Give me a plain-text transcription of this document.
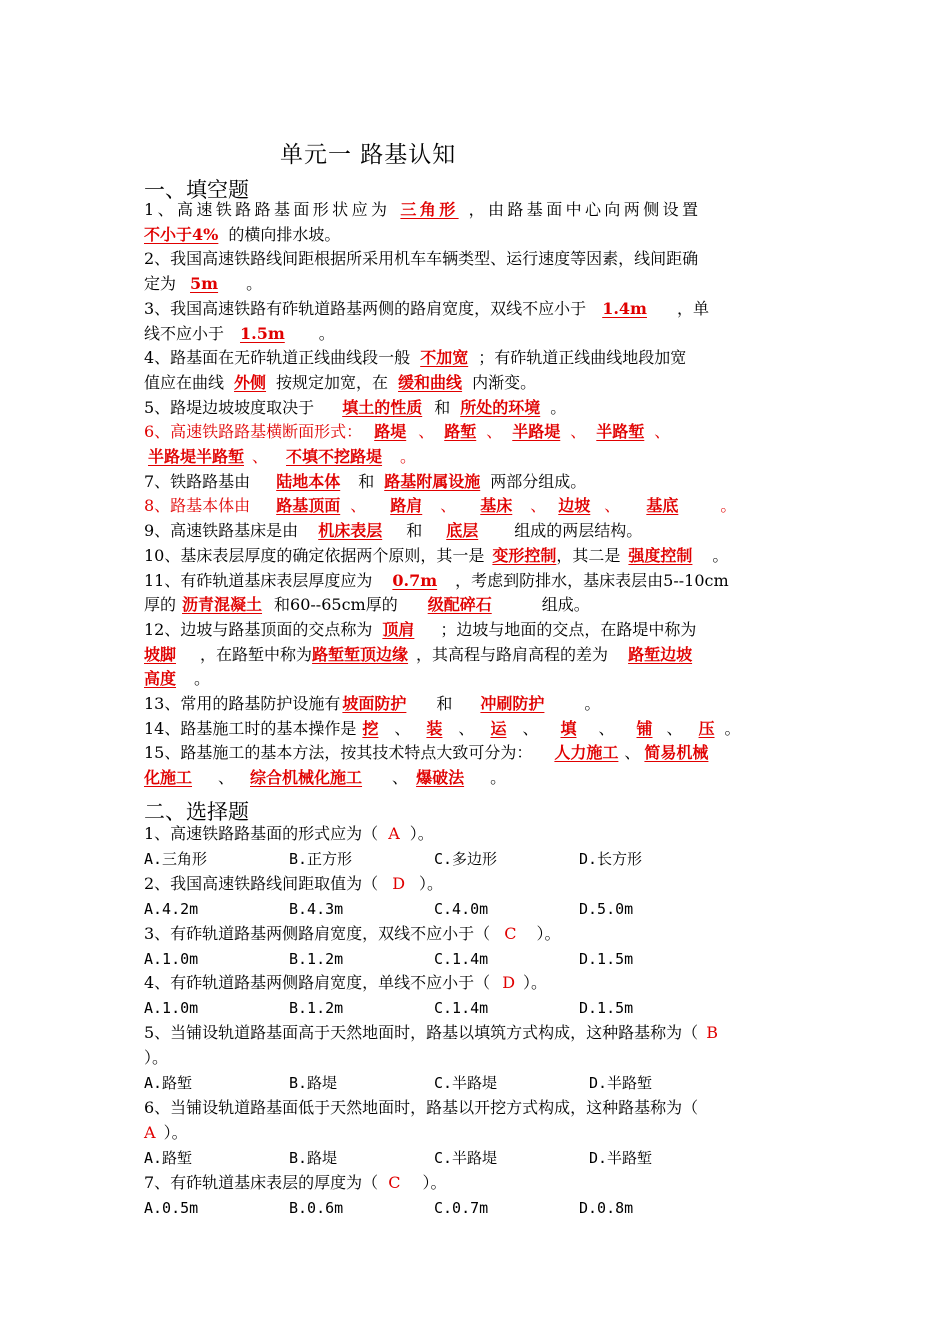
单元一 路基认知
一、填空题

1、高速铁路路基面形状应为 三角形 ，由路基面中心向两侧设置

不小于4% 的横向排水坡。

2、我国高速铁路线间距根据所采用机车车辆类型、运行速度等因素，线间距确

定为 5m 。

3、我国高速铁路有砟轨道路基两侧的路肩宽度，双线不应小于 1.4m ，单

线不应小于 1.5m 。

4、路基面在无砟轨道正线曲线段一般 不加宽 ；有砟轨道正线曲线地段加宽

值应在曲线 外侧 按规定加宽，在 缓和曲线 内渐变。

5、路堤边坡坡度取决于 填土的性质 和 所处的环境 。

6、高速铁路路基横断面形式： 路堤 、 路堑 、 半路堤 、 半路堑 、

半路堤半路堑 、 不填不挖路堤 。

7、铁路路基由 陆地本体 和 路基附属设施 两部分组成。

8、路基本体由 路基顶面 、 路肩 、 基床 、 边坡 、 基底	。

9、高速铁路基床是由 机床表层 和 底层 组成的两层结构。

10、基床表层厚度的确定依据两个原则，其一是 变形控制，其二是 强度控制 。

11、有砟轨道基床表层厚度应为 0.7m ，考虑到防排水，基床表层由5--10cm

厚的 沥青混凝土 和60--65cm厚的 级配碎石	组成。

12、边坡与路基顶面的交点称为 顶肩 ；边坡与地面的交点，在路堤中称为

坡脚 ，在路堑中称为路堑堑顶边缘 ，其高程与路肩高程的差为 路堑边坡

高度 。

13、常用的路基防护设施有 坡面防护 和 冲刷防护	。

14、路基施工时的基本操作是 挖 、 装 、 运 、 填 、 铺 、 压 。

15、路基施工的基本方法，按其技术特点大致可分为： 人力施工 、 简易机械

化施工 、 综合机械化施工 、 爆破法 。

二、选择题

1、高速铁路路基面的形式应为（ A ）。

A.三角形	B.正方形	C.多边形	D.长方形

2、我国高速铁路线间距取值为（ D ）。

A.4.2m	B.4.3m	C.4.0m	D.5.0m

3、有砟轨道路基两侧路肩宽度，双线不应小于（ C ）。

A.1.0m	B.1.2m	C.1.4m	D.1.5m

4、有砟轨道路基两侧路肩宽度，单线不应小于（ D ）。

A.1.0m	B.1.2m	C.1.4m	D.1.5m

5、当铺设轨道路基面高于天然地面时，路基以填筑方式构成，这种路基称为（ B

）。

A.路堑	B.路堤	C.半路堤	D.半路堑

6、当铺设轨道路基面低于天然地面时，路基以开挖方式构成，这种路基称为（

A ）。

A.路堑	B.路堤	C.半路堤	D.半路堑

7、有砟轨道基床表层的厚度为（ C ）。

A.0.5m	B.0.6m	C.0.7m	D.0.8m
